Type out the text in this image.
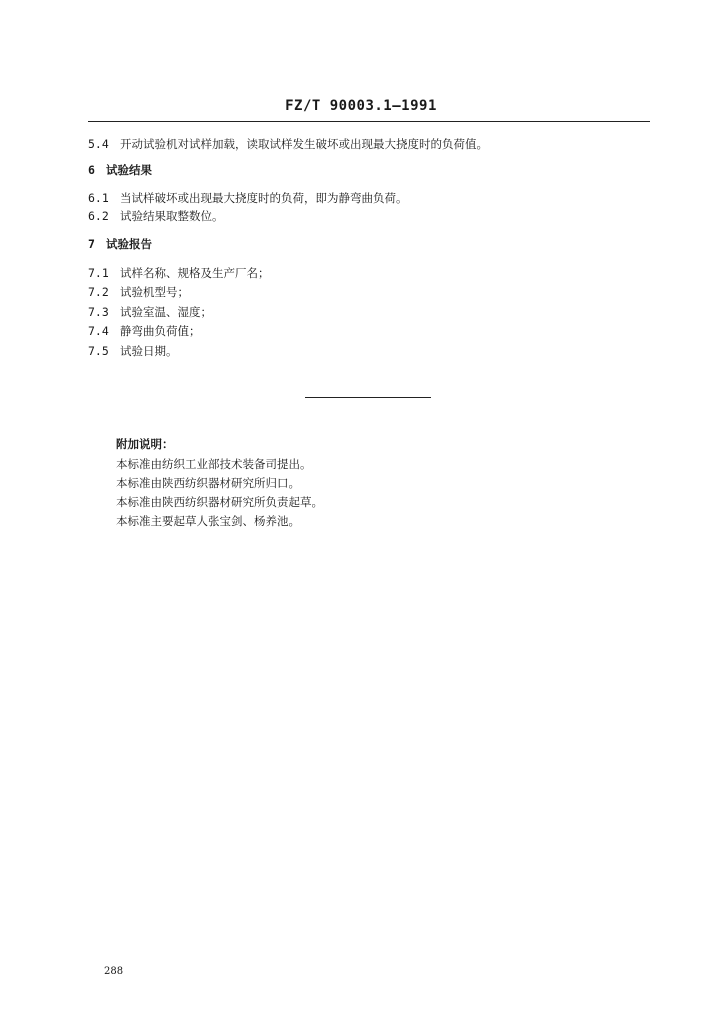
FZ/T 90003.1—1991
5.4 开动试验机对试样加载，读取试样发生破坏或出现最大挠度时的负荷值。
6 试验结果
6.1 当试样破坏或出现最大挠度时的负荷，即为静弯曲负荷。
6.2 试验结果取整数位。
7 试验报告
7.1 试样名称、规格及生产厂名；
7.2 试验机型号；
7.3 试验室温、湿度；
7.4 静弯曲负荷值；
7.5 试验日期。
附加说明：
本标准由纺织工业部技术装备司提出。
本标准由陕西纺织器材研究所归口。
本标准由陕西纺织器材研究所负责起草。
本标准主要起草人张宝剑、杨养池。
288
